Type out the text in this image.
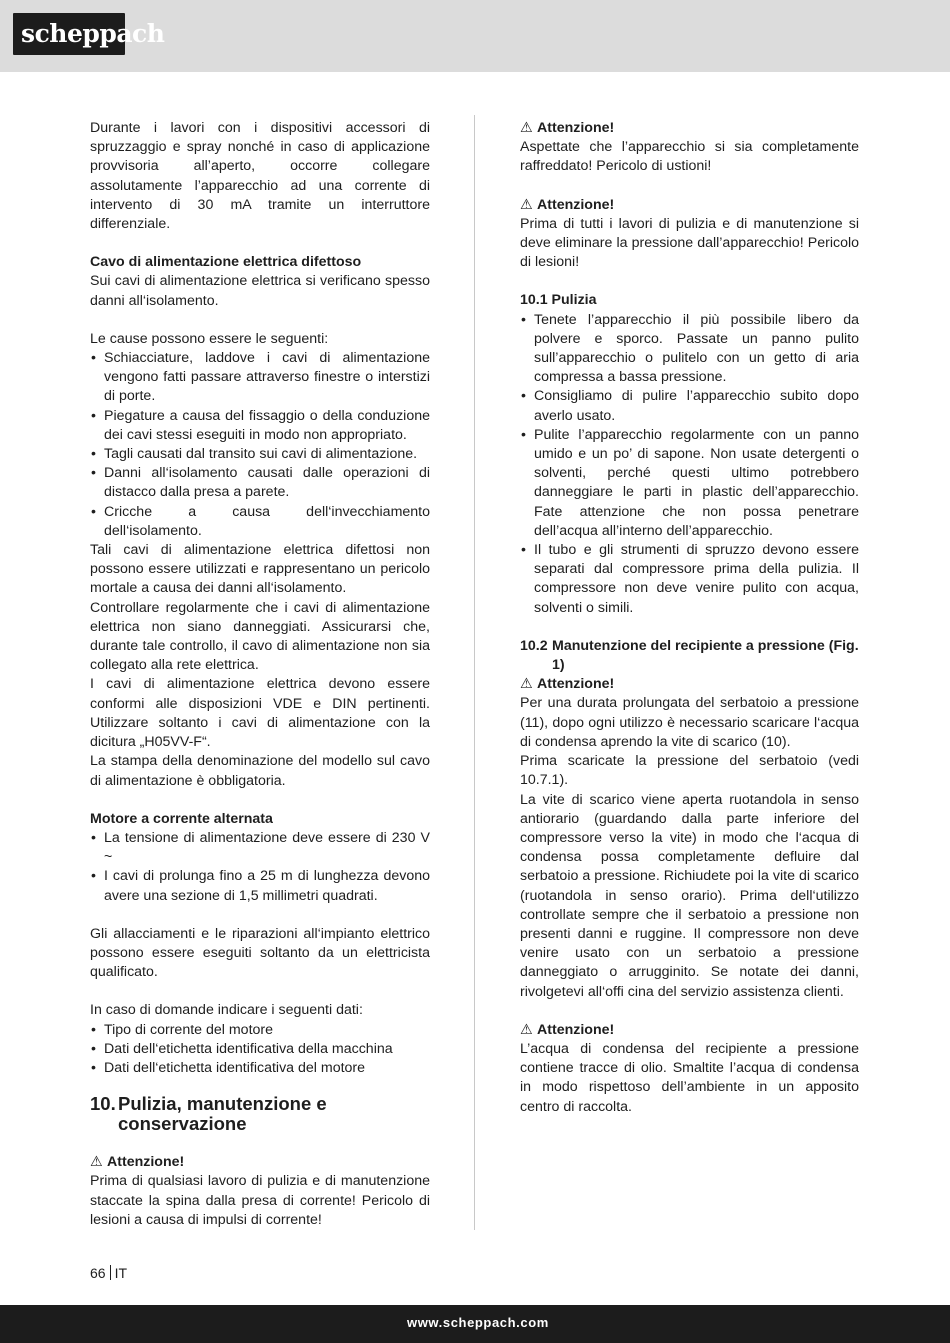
scheppach

Durante i lavori con i dispositivi accessori di spruzzaggio e spray nonché in caso di applicazione provvisoria all’aperto, occorre collegare assolutamente l’apparecchio ad una corrente di intervento di 30 mA tramite un interruttore differenziale.

Cavo di alimentazione elettrica difettoso

Sui cavi di alimentazione elettrica si verificano spesso danni all‘isolamento.

Le cause possono essere le seguenti:

• Schiacciature, laddove i cavi di alimentazione vengono fatti passare attraverso finestre o interstizi di porte.
• Piegature a causa del fissaggio o della conduzione dei cavi stessi eseguiti in modo non appropriato.
• Tagli causati dal transito sui cavi di alimentazione.
• Danni all‘isolamento causati dalle operazioni di distacco dalla presa a parete.
• Cricche a causa dell‘invecchiamento dell‘isolamento.

Tali cavi di alimentazione elettrica difettosi non possono essere utilizzati e rappresentano un pericolo mortale a causa dei danni all‘isolamento.

Controllare regolarmente che i cavi di alimentazione elettrica non siano danneggiati. Assicurarsi che, durante tale controllo, il cavo di alimentazione non sia collegato alla rete elettrica.

I cavi di alimentazione elettrica devono essere conformi alle disposizioni VDE e DIN pertinenti. Utilizzare soltanto i cavi di alimentazione con la dicitura „H05VV-F“.

La stampa della denominazione del modello sul cavo di alimentazione è obbligatoria.

Motore a corrente alternata

• La tensione di alimentazione deve essere di 230 V ~
• I cavi di prolunga fino a 25 m di lunghezza devono avere una sezione di 1,5 millimetri quadrati.

Gli allacciamenti e le riparazioni all‘impianto elettrico possono essere eseguiti soltanto da un elettricista qualificato.

In caso di domande indicare i seguenti dati:

• Tipo di corrente del motore
• Dati dell‘etichetta identificativa della macchina
• Dati dell‘etichetta identificativa del motore
10. Pulizia, manutenzione e conservazione

⚠ Attenzione!

Prima di qualsiasi lavoro di pulizia e di manutenzione staccate la spina dalla presa di corrente! Pericolo di lesioni a causa di impulsi di corrente!

⚠ Attenzione!

Aspettate che l’apparecchio si sia completamente raffreddato! Pericolo di ustioni!

⚠ Attenzione!

Prima di tutti i lavori di pulizia e di manutenzione si deve eliminare la pressione dall’apparecchio! Pericolo di lesioni!

10.1 Pulizia

• Tenete l’apparecchio il più possibile libero da polvere e sporco. Passate un panno pulito sull’apparecchio o pulitelo con un getto di aria compressa a bassa pressione.
• Consigliamo di pulire l’apparecchio subito dopo averlo usato.
• Pulite l’apparecchio regolarmente con un panno umido e un po’ di sapone. Non usate detergenti o solventi, perché questi ultimo potrebbero danneggiare le parti in plastic dell’apparecchio. Fate attenzione che non possa penetrare dell’acqua all’interno dell’apparecchio.
• Il tubo e gli strumenti di spruzzo devono essere separati dal compressore prima della pulizia. Il compressore non deve venire pulito con acqua, solventi o simili.
10.2 Manutenzione del recipiente a pressione (Fig. 1)

⚠ Attenzione!

Per una durata prolungata del serbatoio a pressione (11), dopo ogni utilizzo è necessario scaricare l‘acqua di condensa aprendo la vite di scarico (10).

Prima scaricate la pressione del serbatoio (vedi 10.7.1).

La vite di scarico viene aperta ruotandola in senso antiorario (guardando dalla parte inferiore del compressore verso la vite) in modo che l‘acqua di condensa possa completamente defluire dal serbatoio a pressione. Richiudete poi la vite di scarico (ruotandola in senso orario). Prima dell‘utilizzo controllate sempre che il serbatoio a pressione non presenti danni e ruggine. Il compressore non deve venire usato con un serbatoio a pressione danneggiato o arrugginito. Se notate dei danni, rivolgetevi all‘offi cina del servizio assistenza clienti.

⚠ Attenzione!

L’acqua di condensa del recipiente a pressione contiene tracce di olio. Smaltite l’acqua di condensa in modo rispettoso dell’ambiente in un apposito centro di raccolta.

66 IT
www.scheppach.com
